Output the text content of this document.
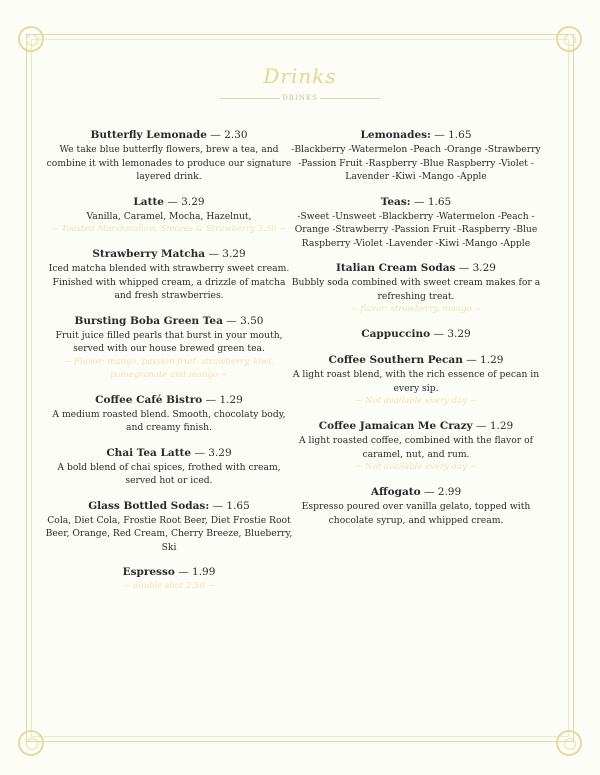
Drinks
DRINKS
Butterfly Lemonade — 2.30
We take blue butterfly flowers, brew a tea, and combine it with lemonades to produce our signature layered drink.
Latte — 3.29
Vanilla, Caramel, Mocha, Hazelnut,
~ Toasted Marshmallow, Smores & Strawberry 3.50 ~
Strawberry Matcha — 3.29
Iced matcha blended with strawberry sweet cream. Finished with whipped cream, a drizzle of matcha and fresh strawberries.
Bursting Boba Green Tea — 3.50
Fruit juice filled pearls that burst in your mouth, served with our house brewed green tea.
~ Flavor: mango, passion fruit, strawberry, kiwi, pomegranate and mango ~
Coffee Café Bistro — 1.29
A medium roasted blend. Smooth, chocolaty body, and creamy finish.
Chai Tea Latte — 3.29
A bold blend of chai spices, frothed with cream, served hot or iced.
Glass Bottled Sodas: — 1.65
Cola, Diet Cola, Frostie Root Beer, Diet Frostie Root Beer, Orange, Red Cream, Cherry Breeze, Blueberry, Ski
Espresso — 1.99
~ double shot 2.50 ~
Lemonades: — 1.65
-Blackberry -Watermelon -Peach -Orange -Strawberry -Passion Fruit -Raspberry -Blue Raspberry -Violet -Lavender -Kiwi -Mango -Apple
Teas: — 1.65
-Sweet -Unsweet -Blackberry -Watermelon -Peach -Orange -Strawberry -Passion Fruit -Raspberry -Blue Raspberry -Violet -Lavender -Kiwi -Mango -Apple
Italian Cream Sodas — 3.29
Bubbly soda combined with sweet cream makes for a refreshing treat.
~ flavor: strawberry, mango ~
Cappuccino — 3.29
Coffee Southern Pecan — 1.29
A light roast blend, with the rich essence of pecan in every sip.
~ Not available every day ~
Coffee Jamaican Me Crazy — 1.29
A light roasted coffee, combined with the flavor of caramel, nut, and rum.
~ Not available every day ~
Affogato — 2.99
Espresso poured over vanilla gelato, topped with chocolate syrup, and whipped cream.
